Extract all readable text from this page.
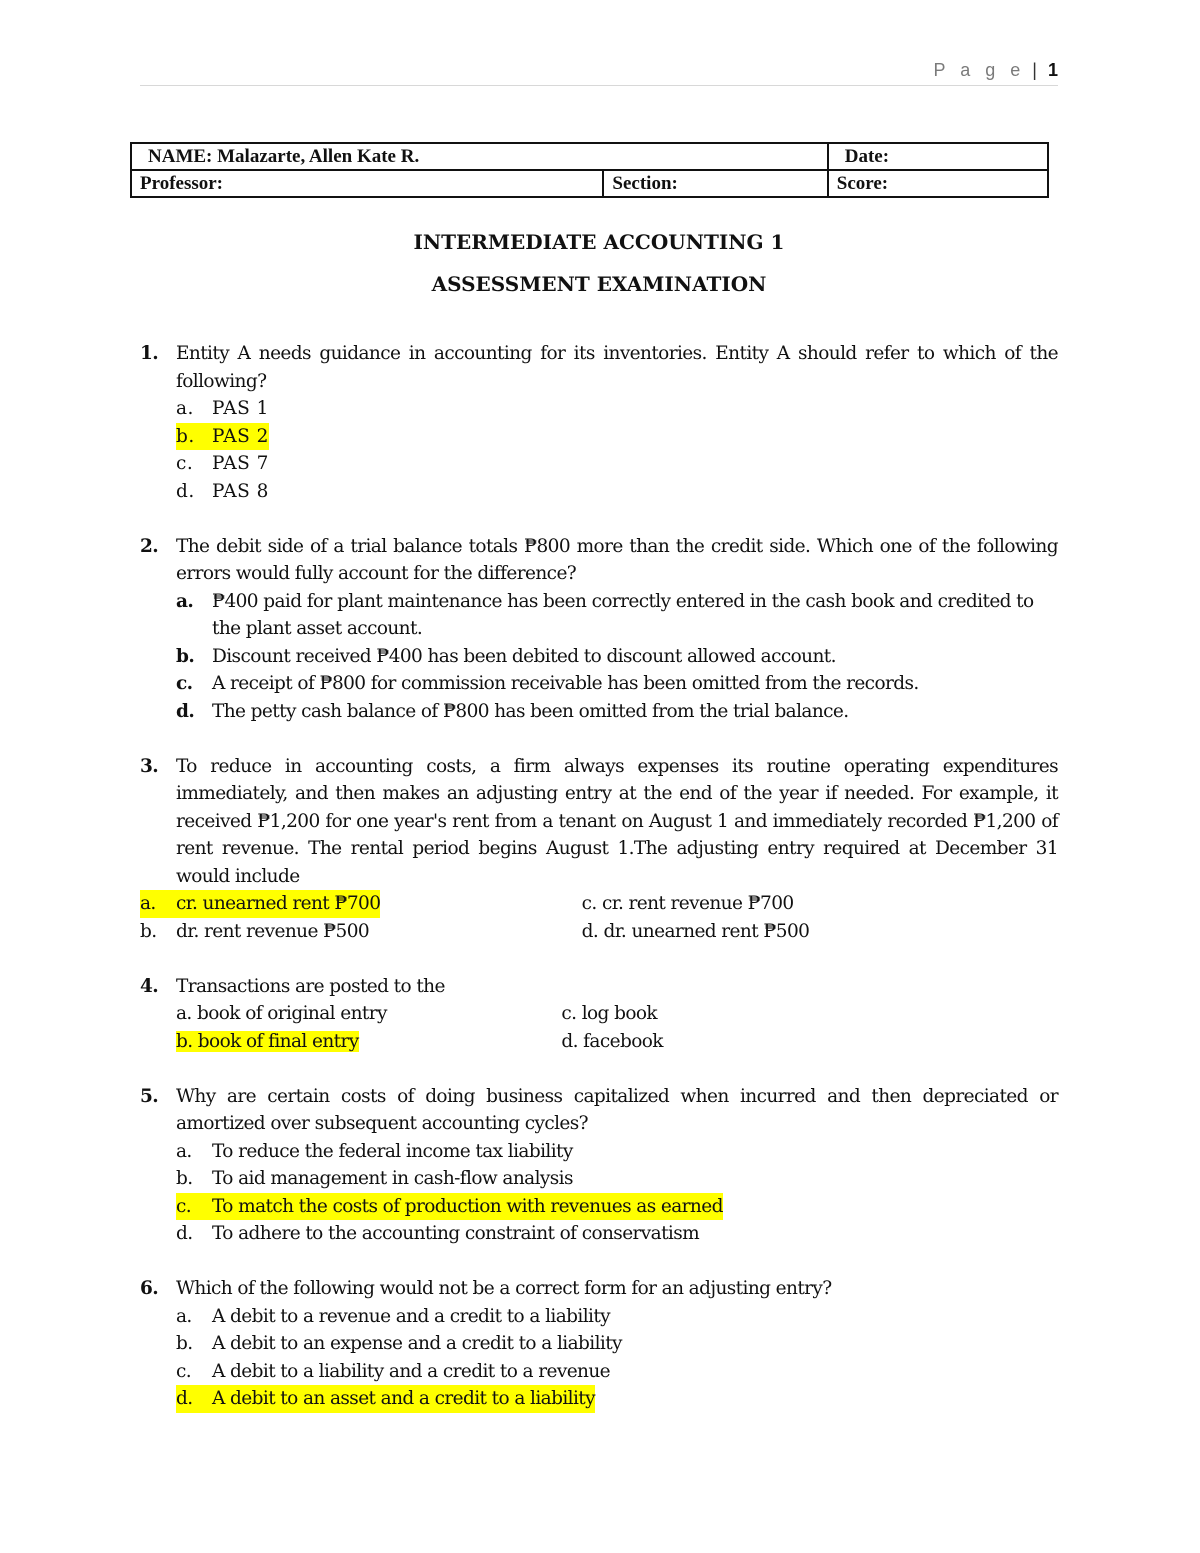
P a g e | 1
NAME: Malazarte, Allen Kate R.		Date:
Professor:	Section:	Score:
INTERMEDIATE ACCOUNTING 1
ASSESSMENT EXAMINATION
1. Entity A needs guidance in accounting for its inventories. Entity A should refer to which of the following?
a. PAS 1
b. PAS 2
c. PAS 7
d. PAS 8
2. The debit side of a trial balance totals ₱800 more than the credit side. Which one of the following errors would fully account for the difference?
a. ₱400 paid for plant maintenance has been correctly entered in the cash book and credited to the plant asset account.
b. Discount received ₱400 has been debited to discount allowed account.
c. A receipt of ₱800 for commission receivable has been omitted from the records.
d. The petty cash balance of ₱800 has been omitted from the trial balance.
3. To reduce in accounting costs, a firm always expenses its routine operating expenditures immediately, and then makes an adjusting entry at the end of the year if needed. For example, it received ₱1,200 for one year's rent from a tenant on August 1 and immediately recorded ₱1,200 of rent revenue. The rental period begins August 1.The adjusting entry required at December 31 would include
a. cr. unearned rent ₱700	c. cr. rent revenue ₱700
b. dr. rent revenue ₱500	d. dr. unearned rent ₱500
4. Transactions are posted to the
a. book of original entry	c. log book
b. book of final entry	d. facebook
5. Why are certain costs of doing business capitalized when incurred and then depreciated or amortized over subsequent accounting cycles?
a. To reduce the federal income tax liability
b. To aid management in cash-flow analysis
c. To match the costs of production with revenues as earned
d. To adhere to the accounting constraint of conservatism
6. Which of the following would not be a correct form for an adjusting entry?
a. A debit to a revenue and a credit to a liability
b. A debit to an expense and a credit to a liability
c. A debit to a liability and a credit to a revenue
d. A debit to an asset and a credit to a liability
